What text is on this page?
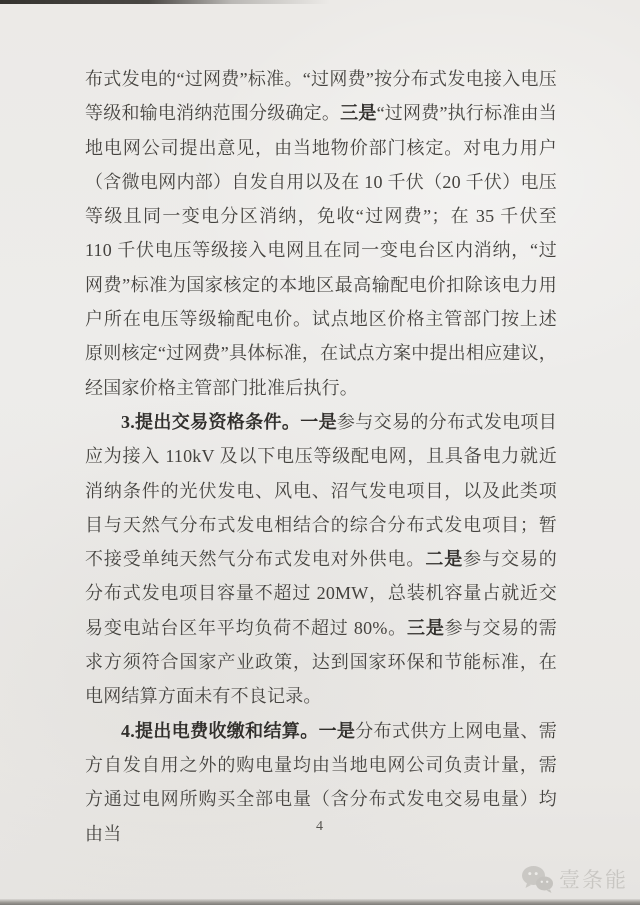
布式发电的“过网费”标准。“过网费”按分布式发电接入电压等级和输电消纳范围分级确定。三是“过网费”执行标准由当地电网公司提出意见，由当地物价部门核定。对电力用户（含微电网内部）自发自用以及在 10 千伏（20 千伏）电压等级且同一变电分区消纳，免收“过网费”；在 35 千伏至 110 千伏电压等级接入电网且在同一变电台区内消纳，“过网费”标准为国家核定的本地区最高输配电价扣除该电力用户所在电压等级输配电价。试点地区价格主管部门按上述原则核定“过网费”具体标准，在试点方案中提出相应建议，经国家价格主管部门批准后执行。

3.提出交易资格条件。一是参与交易的分布式发电项目应为接入 110kV 及以下电压等级配电网，且具备电力就近消纳条件的光伏发电、风电、沼气发电项目，以及此类项目与天然气分布式发电相结合的综合分布式发电项目；暂不接受单纯天然气分布式发电对外供电。二是参与交易的分布式发电项目容量不超过 20MW，总装机容量占就近交易变电站台区年平均负荷不超过 80%。三是参与交易的需求方须符合国家产业政策，达到国家环保和节能标准，在电网结算方面未有不良记录。

4.提出电费收缴和结算。一是分布式供方上网电量、需方自发自用之外的购电量均由当地电网公司负责计量，需方通过电网所购买全部电量（含分布式发电交易电量）均由当	4
壹条能
